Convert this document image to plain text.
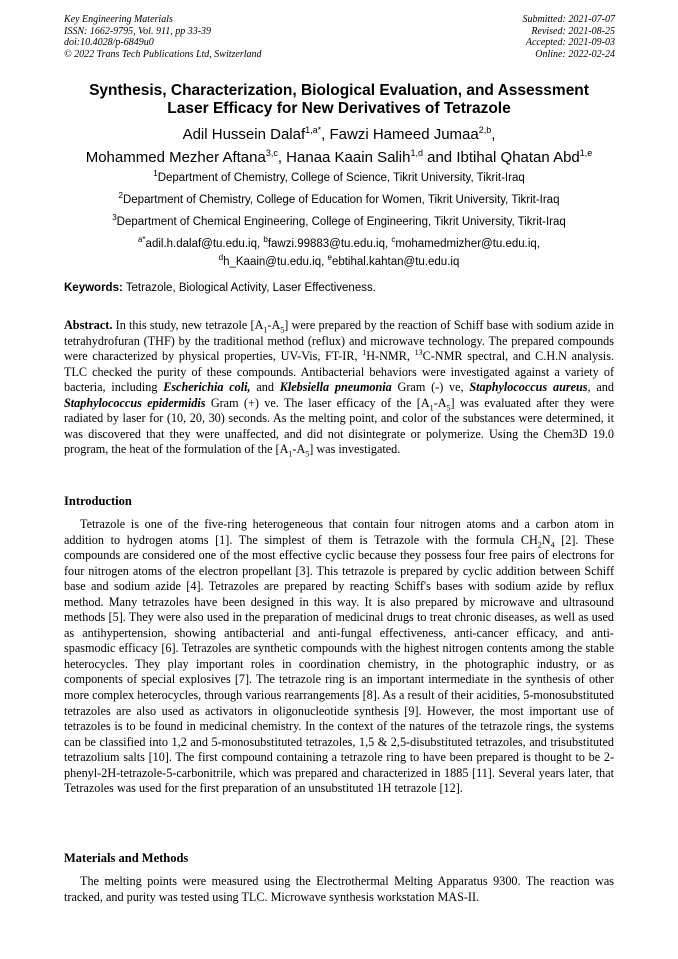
Key Engineering Materials
ISSN: 1662-9795, Vol. 911, pp 33-39
doi:10.4028/p-6849u0
© 2022 Trans Tech Publications Ltd, Switzerland
Submitted: 2021-07-07
Revised: 2021-08-25
Accepted: 2021-09-03
Online: 2022-02-24
Synthesis, Characterization, Biological Evaluation, and Assessment
Laser Efficacy for New Derivatives of Tetrazole
Adil Hussein Dalaf$^{1,a*}$, Fawzi Hameed Jumaa$^{2,b}$,
Mohammed Mezher Aftana$^{3,c}$, Hanaa Kaain Salih$^{1,d}$ and Ibtihal Qhatan Abd$^{1,e}$
$^1$Department of Chemistry, College of Science, Tikrit University, Tikrit-Iraq
$^2$Department of Chemistry, College of Education for Women, Tikrit University, Tikrit-Iraq
$^3$Department of Chemical Engineering, College of Engineering, Tikrit University, Tikrit-Iraq
$^{a*}$adil.h.dalaf@tu.edu.iq, $^b$fawzi.99883@tu.edu.iq, $^c$mohamedmizher@tu.edu.iq,
$^d$h_Kaain@tu.edu.iq, $^e$ebtihal.kahtan@tu.edu.iq
Keywords: Tetrazole, Biological Activity, Laser Effectiveness.
Abstract. In this study, new tetrazole $[A_1-A_5]$ were prepared by the reaction of Schiff base with sodium azide in tetrahydrofuran (THF) by the traditional method (reflux) and microwave technology. The prepared compounds were characterized by physical properties, UV-Vis, FT-IR, $^1$H-NMR, $^{13}$C-NMR spectral, and C.H.N analysis. TLC checked the purity of these compounds. Antibacterial behaviors were investigated against a variety of bacteria, including Escherichia coli, and Klebsiella pneumonia Gram (-) ve, Staphylococcus aureus, and Staphylococcus epidermidis Gram (+) ve. The laser efficacy of the $[A_1-A_5]$ was evaluated after they were radiated by laser for (10, 20, 30) seconds. As the melting point, and color of the substances were determined, it was discovered that they were unaffected, and did not disintegrate or polymerize. Using the Chem3D 19.0 program, the heat of the formulation of the $[A_1-A_5]$ was investigated.
Introduction
Tetrazole is one of the five-ring heterogeneous that contain four nitrogen atoms and a carbon atom in addition to hydrogen atoms [1]. The simplest of them is Tetrazole with the formula $CH_2N_4$ [2]. These compounds are considered one of the most effective cyclic because they possess four free pairs of electrons for four nitrogen atoms of the electron propellant [3]. This tetrazole is prepared by cyclic addition between Schiff base and sodium azide [4]. Tetrazoles are prepared by reacting Schiff's bases with sodium azide by reflux method. Many tetrazoles have been designed in this way. It is also prepared by microwave and ultrasound methods [5]. They were also used in the preparation of medicinal drugs to treat chronic diseases, as well as used as antihypertension, showing antibacterial and anti-fungal effectiveness, anti-cancer efficacy, and anti-spasmodic efficacy [6]. Tetrazoles are synthetic compounds with the highest nitrogen contents among the stable heterocycles. They play important roles in coordination chemistry, in the photographic industry, or as components of special explosives [7]. The tetrazole ring is an important intermediate in the synthesis of other more complex heterocycles, through various rearrangements [8]. As a result of their acidities, 5-monosubstituted tetrazoles are also used as activators in oligonucleotide synthesis [9]. However, the most important use of tetrazoles is to be found in medicinal chemistry. In the context of the natures of the tetrazole rings, the systems can be classified into 1,2 and 5-monosubstituted tetrazoles, 1,5 & 2,5-disubstituted tetrazoles, and trisubstituted tetrazolium salts [10]. The first compound containing a tetrazole ring to have been prepared is thought to be 2-phenyl-2H-tetrazole-5-carbonitrile, which was prepared and characterized in 1885 [11]. Several years later, that Tetrazoles was used for the first preparation of an unsubstituted 1H tetrazole [12].
Materials and Methods
The melting points were measured using the Electrothermal Melting Apparatus 9300. The reaction was tracked, and purity was tested using TLC. Microwave synthesis workstation MAS-II.
